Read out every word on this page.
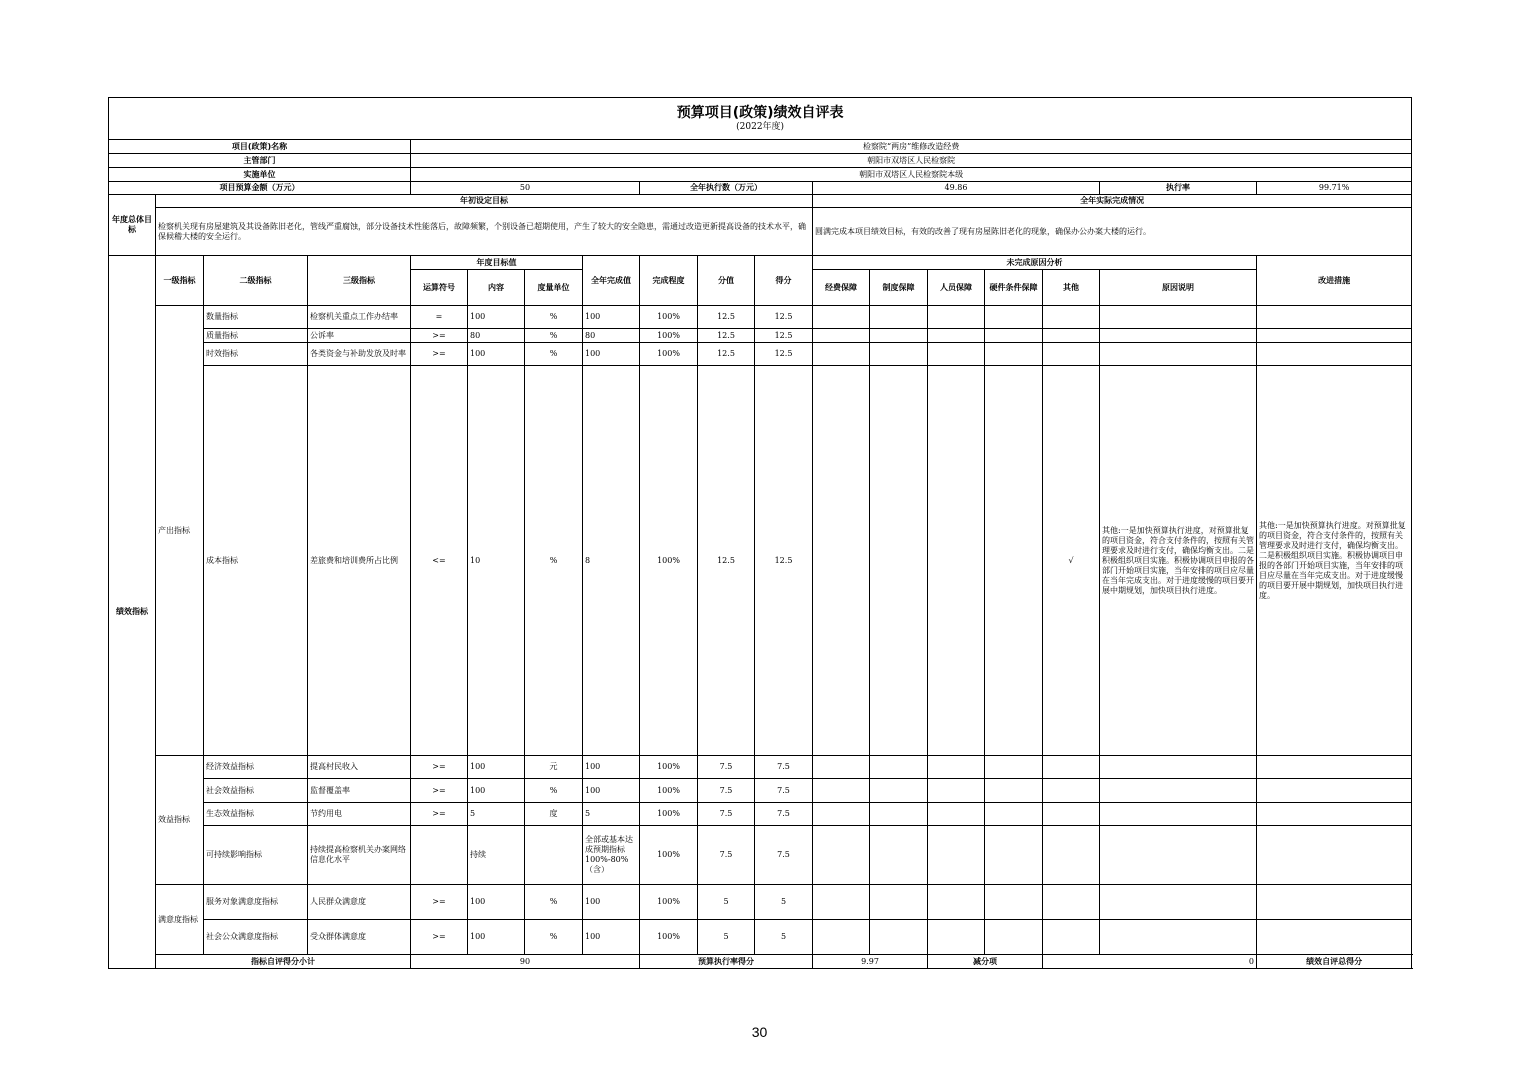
预算项目(政策)绩效自评表
(2022年度)																		

项目(政策)名称				检察院“两房”维修改造经费														
主管部门				朝阳市双塔区人民检察院														
实施单位				朝阳市双塔区人民检察院本级														
项目预算金额（万元）				50				全年执行数（万元）			49.86					执行率	99.71%	
年度总体目标	年初设定目标										全年实际完成情况							
	检察机关现有房屋建筑及其设备陈旧老化，管线严重腐蚀，部分设备技术性能落后，故障频繁，个别设备已超期使用，产生了较大的安全隐患，需通过改造更新提高设备的技术水平，确保候稽大楼的安全运行。										圆满完成本项目绩效目标，有效的改善了现有房屋陈旧老化的现象，确保办公办案大楼的运行。							
绩效指标	一级指标	二级指标	三级指标	年度目标值			全年完成值	完成程度	分值	得分	未完成原因分析						改进措施	
				运算符号	内容	度量单位					经费保障	制度保障	人员保障	硬件条件保障	其他	原因说明		
	产出指标	数量指标	检察机关重点工作办结率	=	100	%	100	100%	12.5	12.5								
		质量指标	公诉率	>=	80	%	80	100%	12.5	12.5								
		时效指标	各类资金与补助发放及时率	>=	100	%	100	100%	12.5	12.5								
		成本指标	差旅费和培训费所占比例	<=	10	%	8	100%	12.5	12.5					√	其他:一是加快预算执行进度，对预算批复的项目资金，符合支付条件的，按照有关管理要求及时进行支付，确保均衡支出。二是积极组织项目实施。积极协调项目申报的各部门开始项目实施，当年安排的项目应尽量在当年完成支出。对于进度缓慢的项目要开展中期规划，加快项目执行进度。	其他:一是加快预算执行进度。对预算批复的项目资金，符合支付条件的，按照有关管理要求及时进行支付，确保均衡支出。二是积极组织项目实施。积极协调项目申报的各部门开始项目实施，当年安排的项目应尽量在当年完成支出。对于进度缓慢的项目要开展中期规划，加快项目执行进度。	
	效益指标	经济效益指标	提高村民收入	>=	100	元	100	100%	7.5	7.5								
		社会效益指标	监督覆盖率	>=	100	%	100	100%	7.5	7.5								
		生态效益指标	节约用电	>=	5	度	5	100%	7.5	7.5								
		可持续影响指标	持续提高检察机关办案网络信息化水平		持续		全部或基本达成预期指标100%-80%（含）	100%	7.5	7.5								
	满意度指标	服务对象满意度指标	人民群众满意度	>=	100	%	100	100%	5	5								
		社会公众满意度指标	受众群体满意度	>=	100	%	100	100%	5	5								
	指标自评得分小计			90				预算执行率得分			9.97		减分项		0		绩效自评总得分	
30
